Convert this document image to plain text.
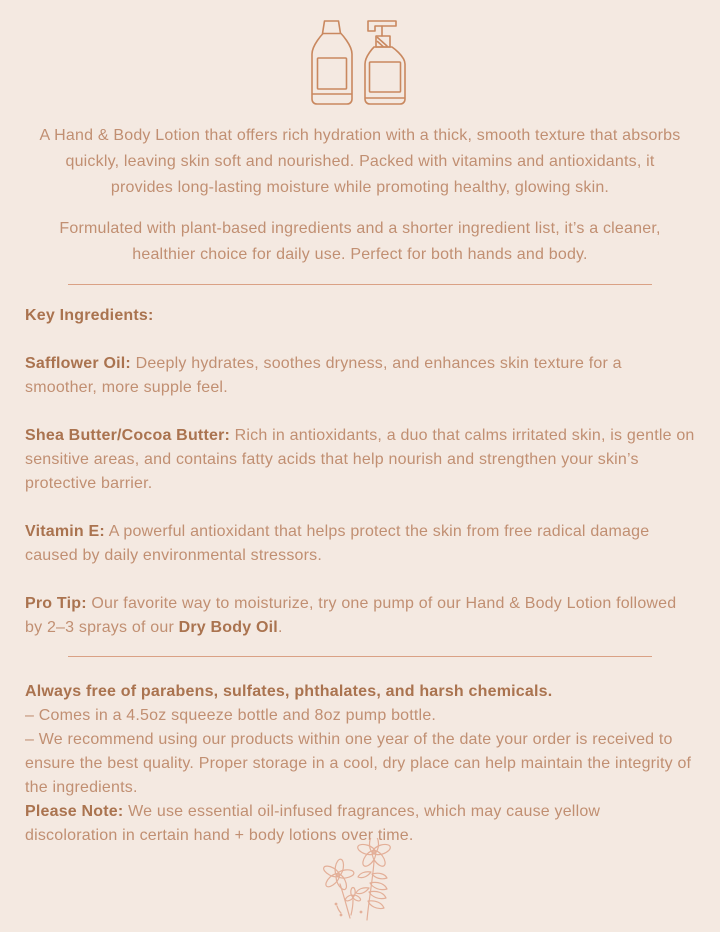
A Hand & Body Lotion that offers rich hydration with a thick, smooth texture that absorbs quickly, leaving skin soft and nourished. Packed with vitamins and antioxidants, it provides long-lasting moisture while promoting healthy, glowing skin.

Formulated with plant-based ingredients and a shorter ingredient list, it’s a cleaner, healthier choice for daily use. Perfect for both hands and body.

Key Ingredients:

Safflower Oil: Deeply hydrates, soothes dryness, and enhances skin texture for a smoother, more supple feel.

Shea Butter/Cocoa Butter: Rich in antioxidants, a duo that calms irritated skin, is gentle on sensitive areas, and contains fatty acids that help nourish and strengthen your skin’s protective barrier.

Vitamin E: A powerful antioxidant that helps protect the skin from free radical damage caused by daily environmental stressors.

Pro Tip: Our favorite way to moisturize, try one pump of our Hand & Body Lotion followed by 2–3 sprays of our Dry Body Oil.

Always free of parabens, sulfates, phthalates, and harsh chemicals.
– Comes in a 4.5oz squeeze bottle and 8oz pump bottle.
– We recommend using our products within one year of the date your order is received to ensure the best quality. Proper storage in a cool, dry place can help maintain the integrity of the ingredients.
Please Note: We use essential oil-infused fragrances, which may cause yellow discoloration in certain hand + body lotions over time.
